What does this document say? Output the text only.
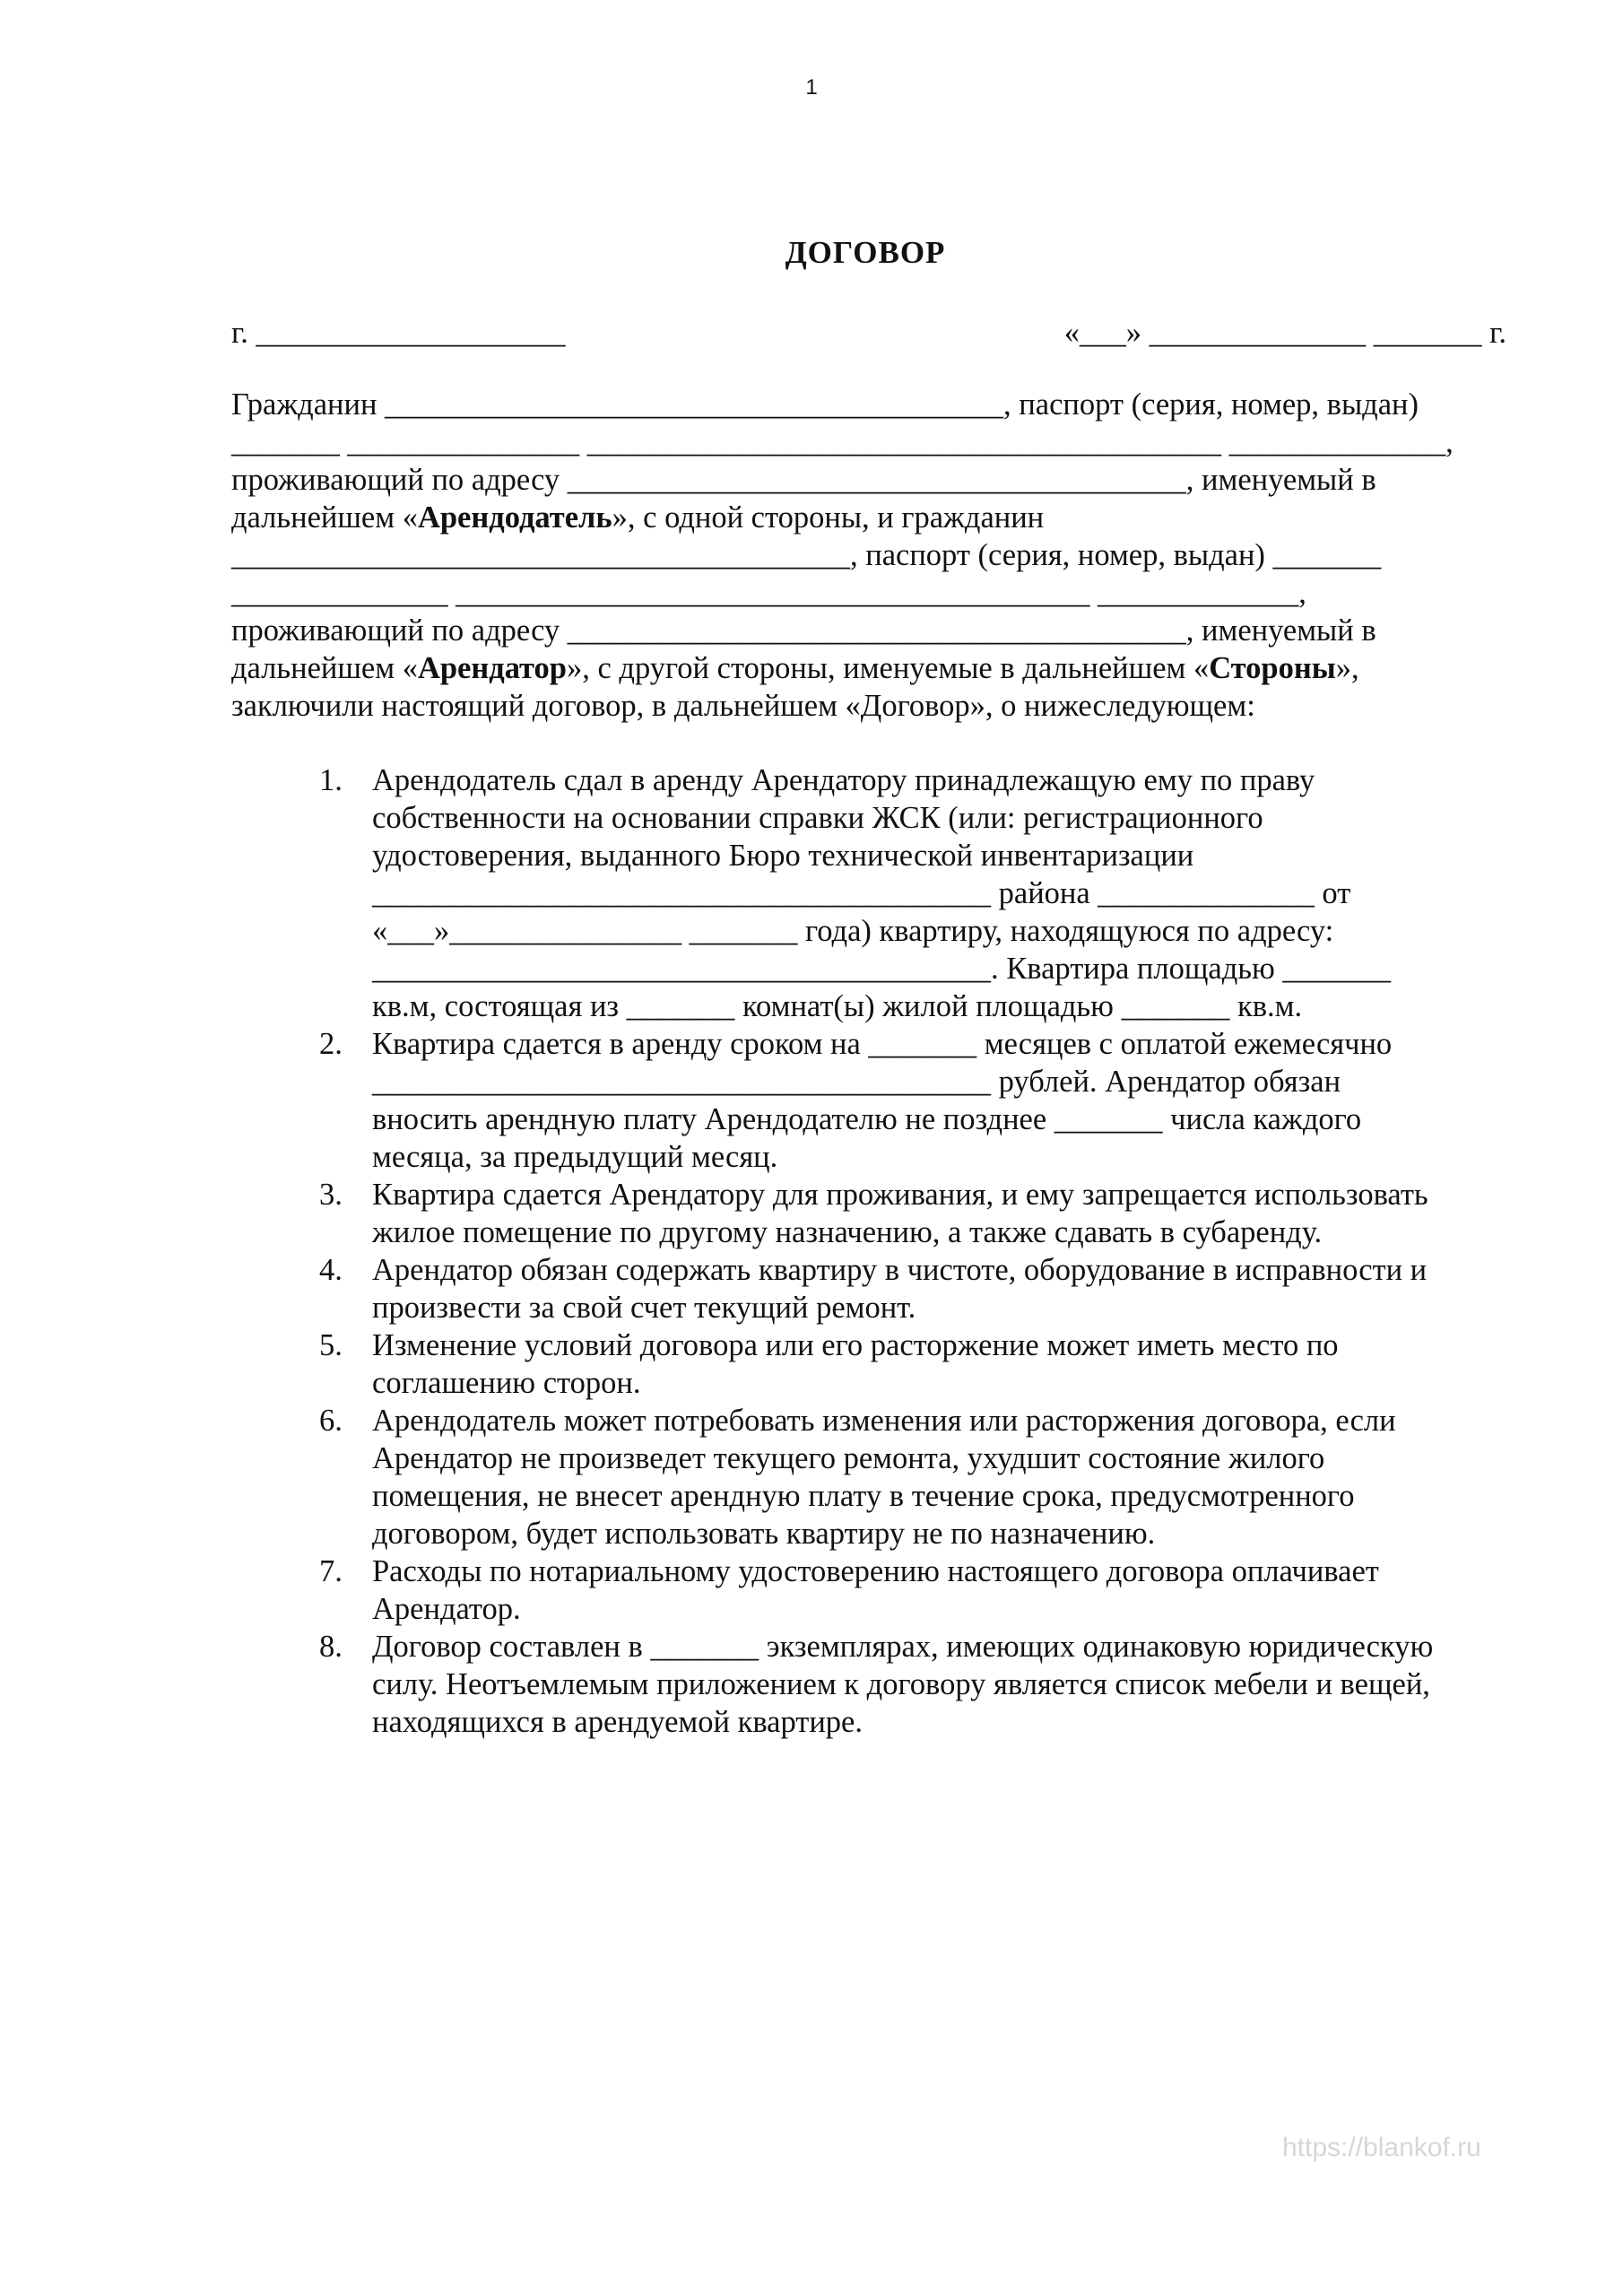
1
ДОГОВОР
г. ____________________	«___» ______________ _______ г.
Гражданин ________________________________________, паспорт (серия, номер, выдан)
_______ _______________ _________________________________________ ______________,
проживающий по адресу ________________________________________, именуемый в
дальнейшем «Арендодатель», с одной стороны, и гражданин
________________________________________, паспорт (серия, номер, выдан) _______
______________ _________________________________________ _____________,
проживающий по адресу ________________________________________, именуемый в
дальнейшем «Арендатор», с другой стороны, именуемые в дальнейшем «Стороны»,
заключили настоящий договор, в дальнейшем «Договор», о нижеследующем:
1. Арендодатель сдал в аренду Арендатору принадлежащую ему по праву
собственности на основании справки ЖСК (или: регистрационного
удостоверения, выданного Бюро технической инвентаризации
________________________________________ района ______________ от
«___»_______________ _______ года) квартиру, находящуюся по адресу:
________________________________________. Квартира площадью _______
кв.м, состоящая из _______ комнат(ы) жилой площадью _______ кв.м.
2. Квартира сдается в аренду сроком на _______ месяцев с оплатой ежемесячно
________________________________________ рублей. Арендатор обязан
вносить арендную плату Арендодателю не позднее _______ числа каждого
месяца, за предыдущий месяц.
3. Квартира сдается Арендатору для проживания, и ему запрещается использовать
жилое помещение по другому назначению, а также сдавать в субаренду.
4. Арендатор обязан содержать квартиру в чистоте, оборудование в исправности и
произвести за свой счет текущий ремонт.
5. Изменение условий договора или его расторжение может иметь место по
соглашению сторон.
6. Арендодатель может потребовать изменения или расторжения договора, если
Арендатор не произведет текущего ремонта, ухудшит состояние жилого
помещения, не внесет арендную плату в течение срока, предусмотренного
договором, будет использовать квартиру не по назначению.
7. Расходы по нотариальному удостоверению настоящего договора оплачивает
Арендатор.
8. Договор составлен в _______ экземплярах, имеющих одинаковую юридическую
силу. Неотъемлемым приложением к договору является список мебели и вещей,
находящихся в арендуемой квартире.
https://blankof.ru
